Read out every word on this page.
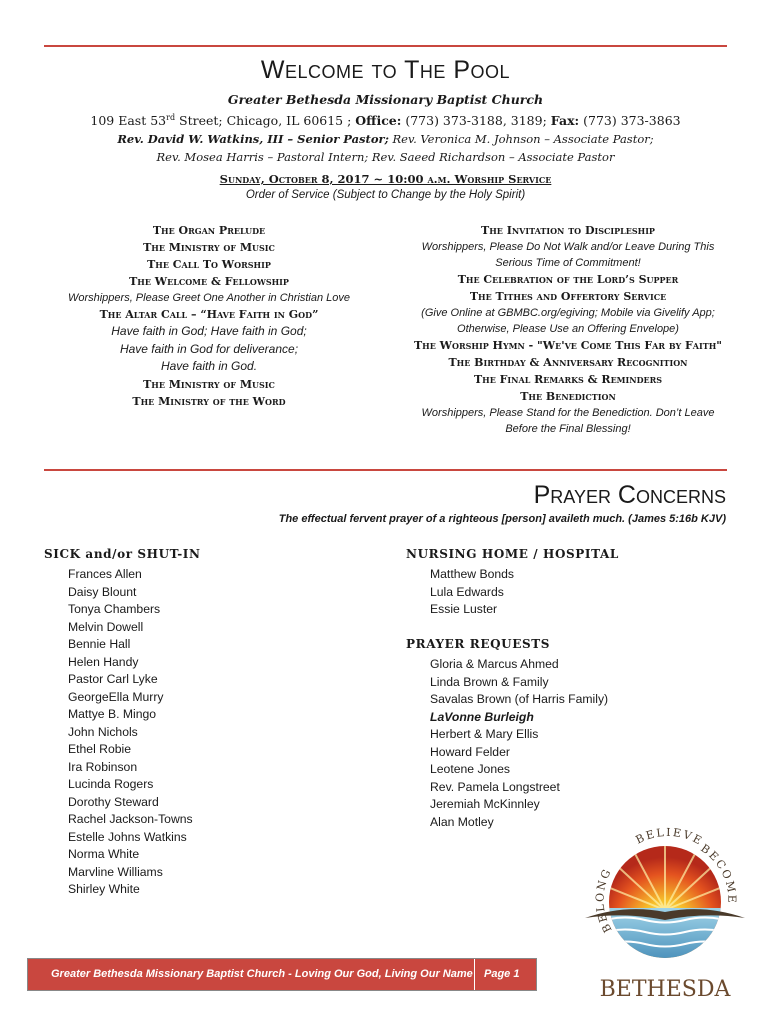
Welcome to The Pool
Greater Bethesda Missionary Baptist Church
109 East 53rd Street; Chicago, IL 60615 ; Office: (773) 373-3188, 3189; Fax: (773) 373-3863
Rev. David W. Watkins, III – Senior Pastor; Rev. Veronica M. Johnson – Associate Pastor;
Rev. Mosea Harris – Pastoral Intern; Rev. Saeed Richardson – Associate Pastor
Sunday, October 8, 2017 ~ 10:00 a.m. Worship Service
Order of Service (Subject to Change by the Holy Spirit)
The Organ Prelude
The Ministry of Music
The Call To Worship
The Welcome & Fellowship
Worshippers, Please Greet One Another in Christian Love
The Altar Call – “Have Faith in God”
Have faith in God; Have faith in God;
Have faith in God for deliverance;
Have faith in God.
The Ministry of Music
The Ministry of the Word
The Invitation to Discipleship
Worshippers, Please Do Not Walk and/or Leave During This
Serious Time of Commitment!
The Celebration of the Lord’s Supper
The Tithes and Offertory Service
(Give Online at GBMBC.org/egiving; Mobile via Givelify App;
Otherwise, Please Use an Offering Envelope)
The Worship Hymn - "We've Come This Far by Faith"
The Birthday & Anniversary Recognition
The Final Remarks & Reminders
The Benediction
Worshippers, Please Stand for the Benediction. Don’t Leave
Before the Final Blessing!
Prayer Concerns
The effectual fervent prayer of a righteous [person] availeth much. (James 5:16b KJV)
SICK and/or SHUT-IN
Frances Allen
Daisy Blount
Tonya Chambers
Melvin Dowell
Bennie Hall
Helen Handy
Pastor Carl Lyke
GeorgeElla Murry
Mattye B. Mingo
John Nichols
Ethel Robie
Ira Robinson
Lucinda Rogers
Dorothy Steward
Rachel Jackson-Towns
Estelle Johns Watkins
Norma White
Marvline Williams
Shirley White
NURSING HOME / HOSPITAL
Matthew Bonds
Lula Edwards
Essie Luster
PRAYER REQUESTS
Gloria & Marcus Ahmed
Linda Brown & Family
Savalas Brown (of Harris Family)
LaVonne Burleigh
Herbert & Mary Ellis
Howard Felder
Leotene Jones
Rev. Pamela Longstreet
Jeremiah McKinnley
Alan Motley
Greater Bethesda Missionary Baptist Church - Loving Our God, Living Our Name Page 1
BELONG
BELIEVE
BECOME
BETHESDA
